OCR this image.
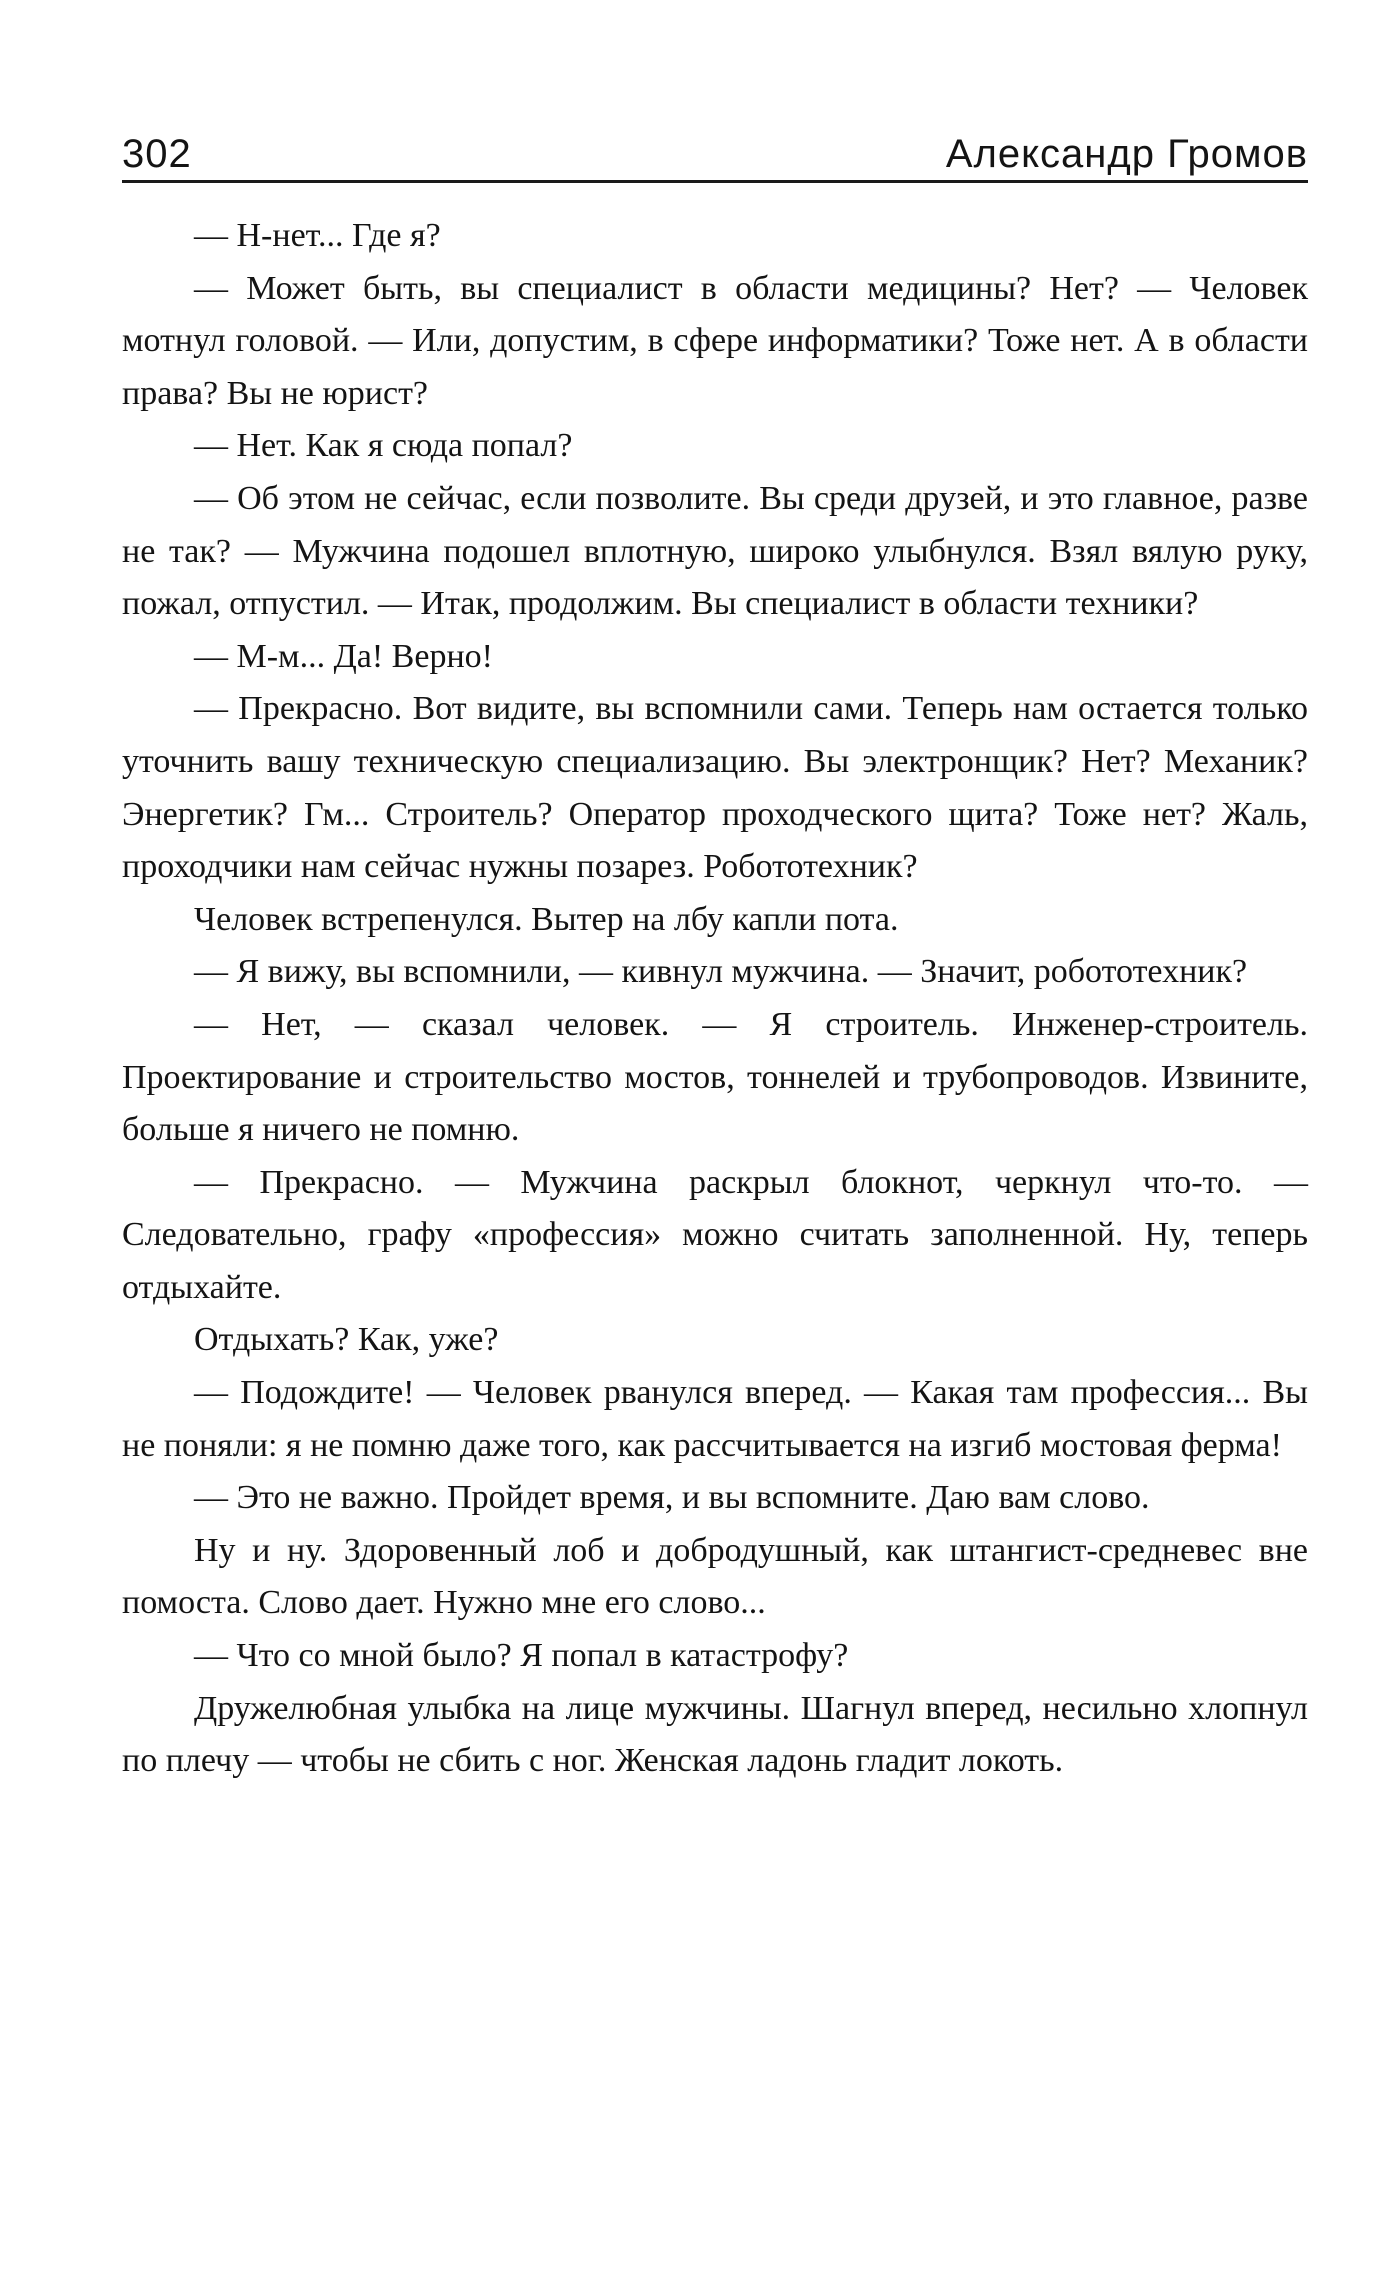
302	Александр Громов

— Н-нет... Где я?

— Может быть, вы специалист в области медицины? Нет? — Человек мотнул головой. — Или, допустим, в сфере информатики? Тоже нет. А в области права? Вы не юрист?

— Нет. Как я сюда попал?

— Об этом не сейчас, если позволите. Вы среди друзей, и это главное, разве не так? — Мужчина подошел вплотную, широко улыбнулся. Взял вялую руку, пожал, отпустил. — Итак, продолжим. Вы специалист в области техники?

— М-м... Да! Верно!

— Прекрасно. Вот видите, вы вспомнили сами. Теперь нам остается только уточнить вашу техническую специализацию. Вы электронщик? Нет? Механик? Энергетик? Гм... Строитель? Оператор проходческого щита? Тоже нет? Жаль, проходчики нам сейчас нужны позарез. Робототехник?

Человек встрепенулся. Вытер на лбу капли пота.

— Я вижу, вы вспомнили, — кивнул мужчина. — Значит, робототехник?

— Нет, — сказал человек. — Я строитель. Инженер-строитель. Проектирование и строительство мостов, тоннелей и трубопроводов. Извините, больше я ничего не помню.

— Прекрасно. — Мужчина раскрыл блокнот, черкнул что-то. — Следовательно, графу «профессия» можно считать заполненной. Ну, теперь отдыхайте.

Отдыхать? Как, уже?

— Подождите! — Человек рванулся вперед. — Какая там профессия... Вы не поняли: я не помню даже того, как рассчитывается на изгиб мостовая ферма!

— Это не важно. Пройдет время, и вы вспомните. Даю вам слово.

Ну и ну. Здоровенный лоб и добродушный, как штангист-средневес вне помоста. Слово дает. Нужно мне его слово...

— Что со мной было? Я попал в катастрофу?

Дружелюбная улыбка на лице мужчины. Шагнул вперед, несильно хлопнул по плечу — чтобы не сбить с ног. Женская ладонь гладит локоть.
